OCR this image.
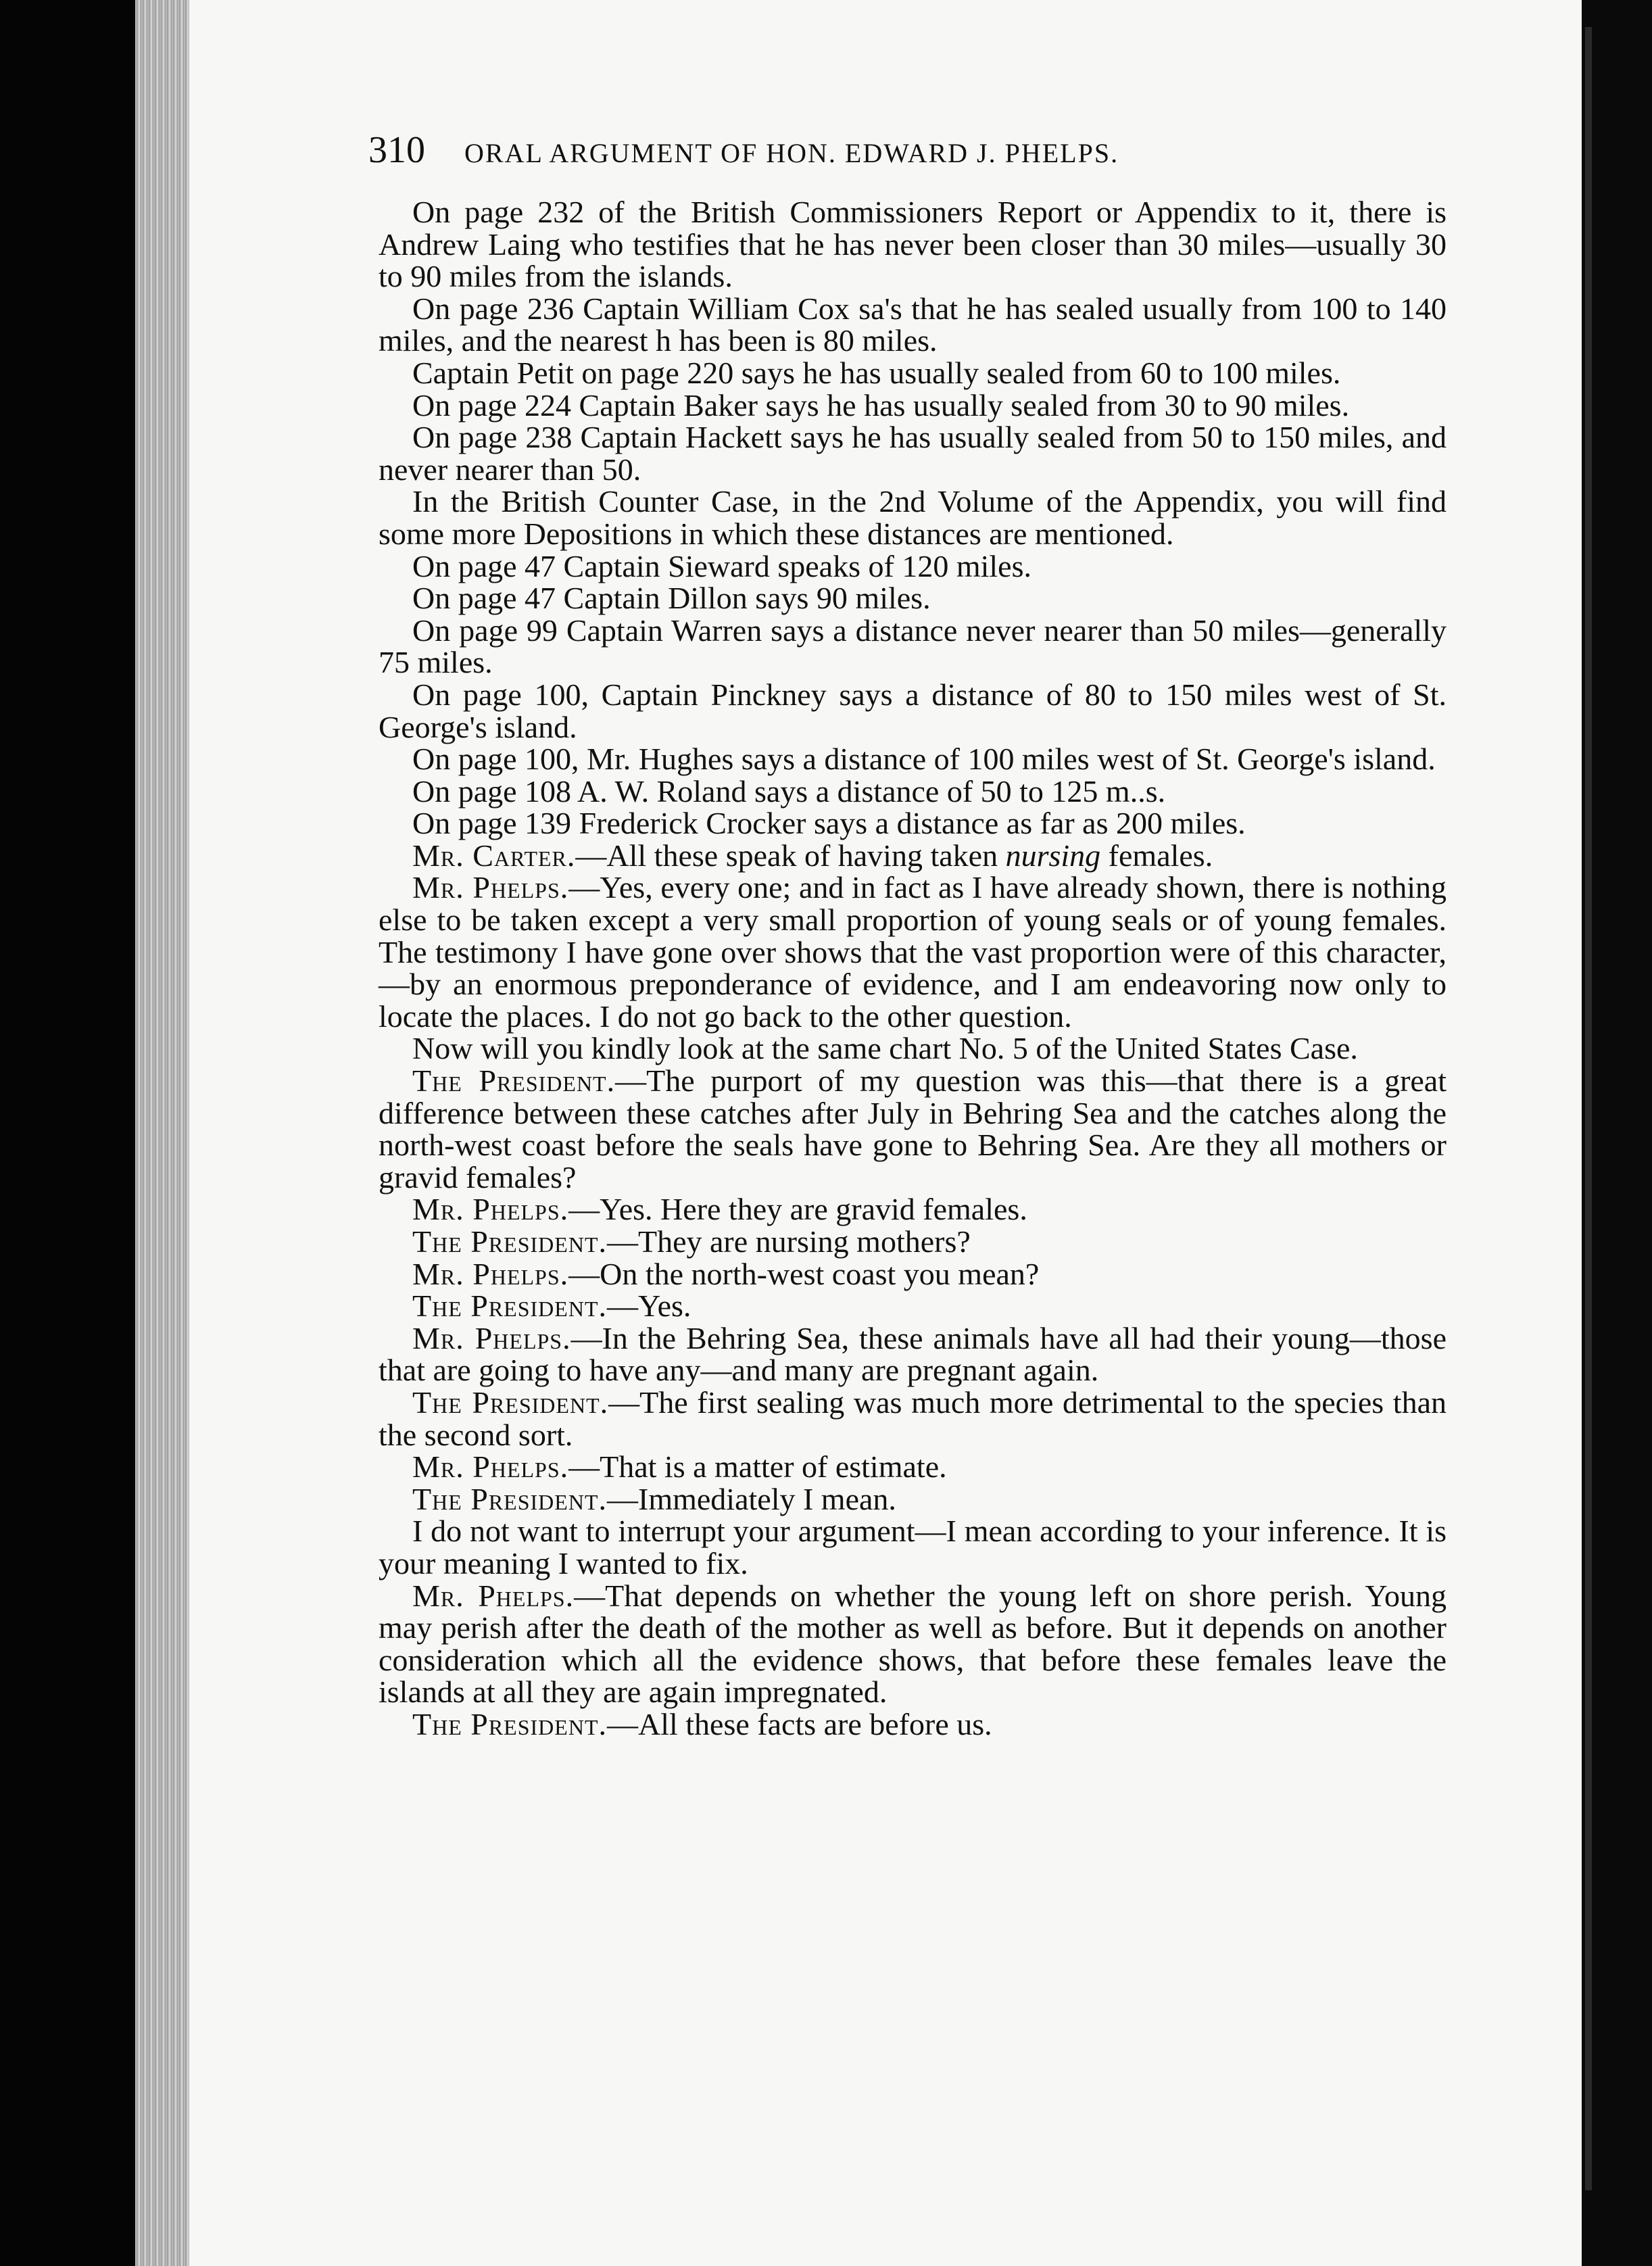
310 ORAL ARGUMENT OF HON. EDWARD J. PHELPS.

On page 232 of the British Commissioners Report or Appendix to it, there is Andrew Laing who testifies that he has never been closer than 30 miles—usually 30 to 90 miles from the islands.

On page 236 Captain William Cox sa's that he has sealed usually from 100 to 140 miles, and the nearest h has been is 80 miles.

Captain Petit on page 220 says he has usually sealed from 60 to 100 miles.

On page 224 Captain Baker says he has usually sealed from 30 to 90 miles.

On page 238 Captain Hackett says he has usually sealed from 50 to 150 miles, and never nearer than 50.

In the British Counter Case, in the 2nd Volume of the Appendix, you will find some more Depositions in which these distances are mentioned.

On page 47 Captain Sieward speaks of 120 miles.

On page 47 Captain Dillon says 90 miles.

On page 99 Captain Warren says a distance never nearer than 50 miles—generally 75 miles.

On page 100, Captain Pinckney says a distance of 80 to 150 miles west of St. George's island.

On page 100, Mr. Hughes says a distance of 100 miles west of St. George's island.

On page 108 A. W. Roland says a distance of 50 to 125 m..s.

On page 139 Frederick Crocker says a distance as far as 200 miles.

Mr. Carter.—All these speak of having taken nursing females.

Mr. Phelps.—Yes, every one; and in fact as I have already shown, there is nothing else to be taken except a very small proportion of young seals or of young females. The testimony I have gone over shows that the vast proportion were of this character,—by an enormous preponderance of evidence, and I am endeavoring now only to locate the places. I do not go back to the other question.

Now will you kindly look at the same chart No. 5 of the United States Case.

The President.—The purport of my question was this—that there is a great difference between these catches after July in Behring Sea and the catches along the north-west coast before the seals have gone to Behring Sea. Are they all mothers or gravid females?

Mr. Phelps.—Yes. Here they are gravid females.

The President.—They are nursing mothers?

Mr. Phelps.—On the north-west coast you mean?

The President.—Yes.

Mr. Phelps.—In the Behring Sea, these animals have all had their young—those that are going to have any—and many are pregnant again.

The President.—The first sealing was much more detrimental to the species than the second sort.

Mr. Phelps.—That is a matter of estimate.

The President.—Immediately I mean.

I do not want to interrupt your argument—I mean according to your inference. It is your meaning I wanted to fix.

Mr. Phelps.—That depends on whether the young left on shore perish. Young may perish after the death of the mother as well as before. But it depends on another consideration which all the evidence shows, that before these females leave the islands at all they are again impregnated.

The President.—All these facts are before us.
